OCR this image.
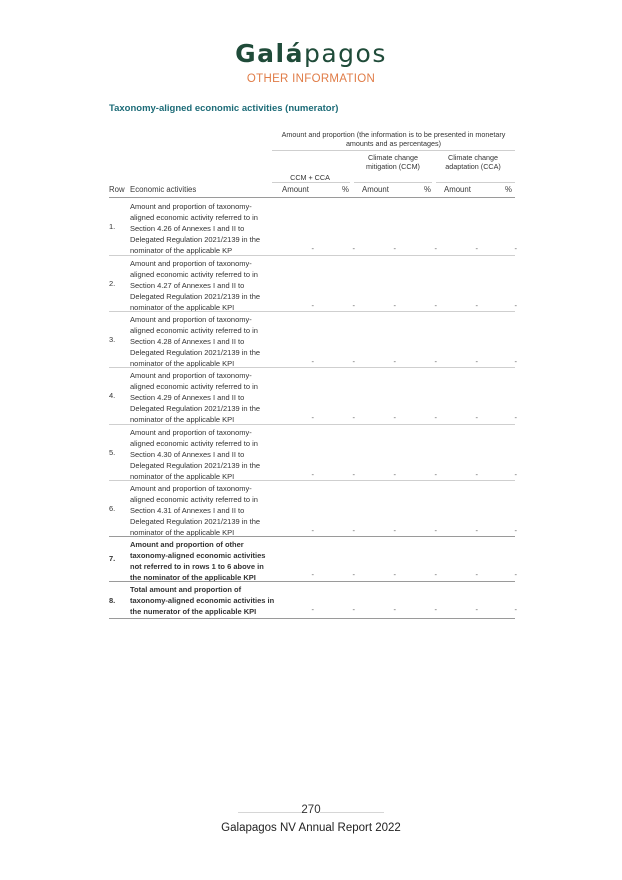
Galápagos
OTHER INFORMATION
Taxonomy-aligned economic activities (numerator)
Amount and proportion (the information is to be presented in monetary amounts and as percentages)
CCM + CCA
Climate change mitigation (CCM)
Climate change adaptation (CCA)
Row Economic activities	Amount	% Amount	% Amount	%
1.
Amount and proportion of taxonomy-aligned economic activity referred to in Section 4.26 of Annexes I and II to Delegated Regulation 2021/2139 in the nominator of the applicable KP	-	-	-	-	-	-
2.
Amount and proportion of taxonomy-aligned economic activity referred to in Section 4.27 of Annexes I and II to Delegated Regulation 2021/2139 in the nominator of the applicable KPI	-	-	-	-	-	-
3.
Amount and proportion of taxonomy-aligned economic activity referred to in Section 4.28 of Annexes I and II to Delegated Regulation 2021/2139 in the nominator of the applicable KPI	-	-	-	-	-	-
4.
Amount and proportion of taxonomy-aligned economic activity referred to in Section 4.29 of Annexes I and II to Delegated Regulation 2021/2139 in the nominator of the applicable KPI	-	-	-	-	-	-
5.
Amount and proportion of taxonomy-aligned economic activity referred to in Section 4.30 of Annexes I and II to Delegated Regulation 2021/2139 in the nominator of the applicable KPI	-	-	-	-	-	-
6.
Amount and proportion of taxonomy-aligned economic activity referred to in Section 4.31 of Annexes I and II to Delegated Regulation 2021/2139 in the nominator of the applicable KPI	-	-	-	-	-	-
7.
Amount and proportion of other taxonomy-aligned economic activities not referred to in rows 1 to 6 above in the nominator of the applicable KPI	-	-	-	-	-	-
8.
Total amount and proportion of taxonomy-aligned economic activities in the numerator of the applicable KPI	-	-	-	-	-	-
270
Galapagos NV Annual Report 2022
